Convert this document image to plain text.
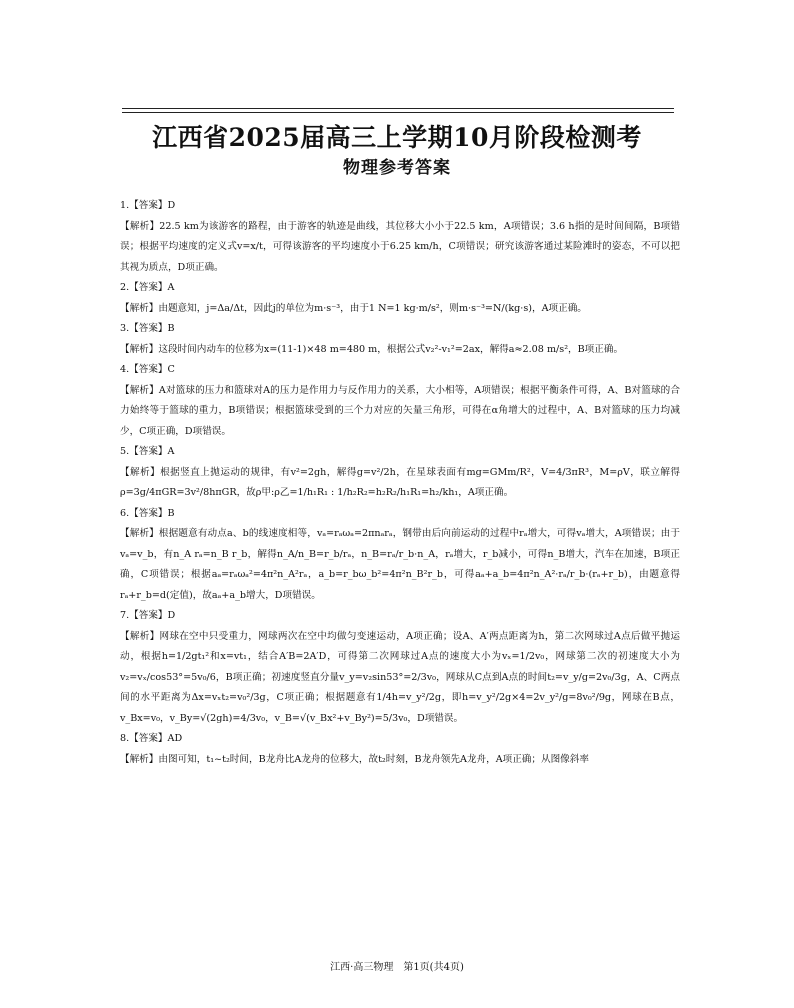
江西省2025届高三上学期10月阶段检测考
物理参考答案
1.【答案】D
【解析】22.5 km为该游客的路程，由于游客的轨迹是曲线，其位移大小小于22.5 km，A项错误；3.6 h指的是时间间隔，B项错误；根据平均速度的定义式v=x/t，可得该游客的平均速度小于6.25 km/h，C项错误；研究该游客通过某险滩时的姿态，不可以把其视为质点，D项正确。
2.【答案】A
【解析】由题意知，j=Δa/Δt，因此j的单位为m·s⁻³，由于1 N=1 kg·m/s²，则m·s⁻³=N/(kg·s)，A项正确。
3.【答案】B
【解析】这段时间内动车的位移为x=(11-1)×48 m=480 m，根据公式v₂²-v₁²=2ax，解得a≈2.08 m/s²，B项正确。
4.【答案】C
【解析】A对篮球的压力和篮球对A的压力是作用力与反作用力的关系，大小相等，A项错误；根据平衡条件可得，A、B对篮球的合力始终等于篮球的重力，B项错误；根据篮球受到的三个力对应的矢量三角形，可得在α角增大的过程中，A、B对篮球的压力均减少，C项正确，D项错误。
5.【答案】A
【解析】根据竖直上抛运动的规律，有v²=2gh，解得g=v²/2h，在星球表面有mg=GMm/R²，V=4/3πR³，M=ρV，联立解得ρ=3g/4πGR=3v²/8hπGR，故ρ甲:ρ乙=1/h₁R₁ : 1/h₂R₂=h₂R₂/h₁R₁=h₂/kh₁，A项正确。
6.【答案】B
【解析】根据题意有动点a、b的线速度相等，vₐ=rₐωₐ=2πnₐrₐ，钢带由后向前运动的过程中rₐ增大，可得vₐ增大，A项错误；由于vₐ=v_b，有n_A rₐ=n_B r_b，解得n_A/n_B=r_b/rₐ，n_B=rₐ/r_b·n_A，rₐ增大，r_b减小，可得n_B增大，汽车在加速，B项正确，C项错误；根据aₐ=rₐωₐ²=4π²n_A²rₐ，a_b=r_bω_b²=4π²n_B²r_b，可得aₐ+a_b=4π²n_A²·rₐ/r_b·(rₐ+r_b)，由题意得rₐ+r_b=d(定值)，故aₐ+a_b增大，D项错误。
7.【答案】D
【解析】网球在空中只受重力，网球两次在空中均做匀变速运动，A项正确；设A、A′两点距离为h，第二次网球过A点后做平抛运动，根据h=1/2gt₁²和x=vt₁，结合A′B=2A′D，可得第二次网球过A点的速度大小为vₓ=1/2v₀，网球第二次的初速度大小为v₂=vₓ/cos53°=5v₀/6，B项正确；初速度竖直分量v_y=v₂sin53°=2/3v₀，网球从C点到A点的时间t₂=v_y/g=2v₀/3g，A、C两点间的水平距离为Δx=vₓt₂=v₀²/3g，C项正确；根据题意有1/4h=v_y²/2g，即h=v_y²/2g×4=2v_y²/g=8v₀²/9g，网球在B点，v_Bx=v₀，v_By=√(2gh)=4/3v₀，v_B=√(v_Bx²+v_By²)=5/3v₀，D项错误。
8.【答案】AD
【解析】由图可知，t₁~t₂时间，B龙舟比A龙舟的位移大，故t₂时刻，B龙舟领先A龙舟，A项正确；从图像斜率
江西·高三物理　第1页(共4页)
